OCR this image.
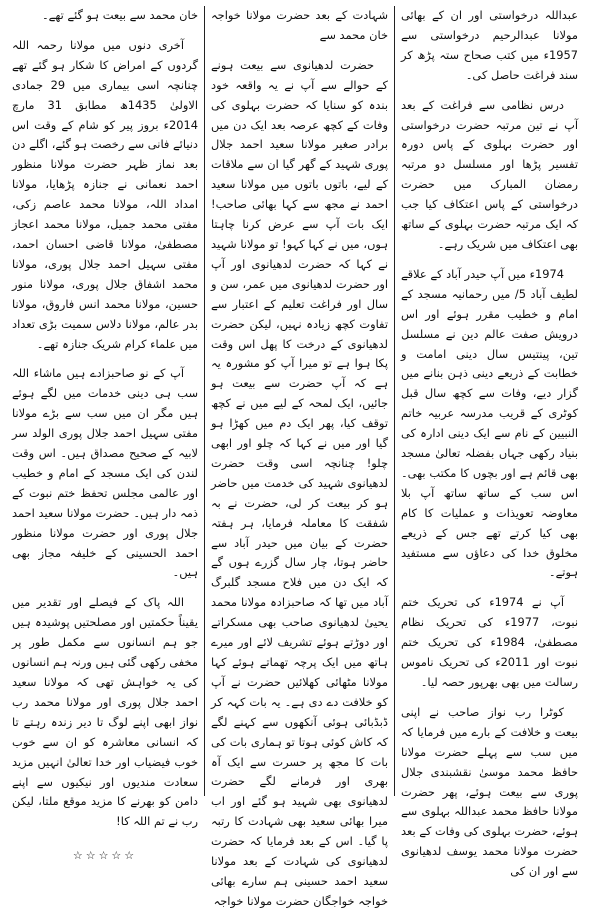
خان محمد سے بیعت ہو گئے تھے۔

آخری دنوں میں مولانا رحمہ اللہ گردوں کے امراض کا شکار ہو گئے تھے چنانچہ اسی بیماری میں 29 جمادی الاولیٰ 1435ھ مطابق 31 مارچ 2014ء بروز پیر کو شام کے وقت اس دنیائے فانی سے رخصت ہو گئے، اگلے دن بعد نماز ظہر حضرت مولانا منظور احمد نعمانی نے جنازہ پڑھایا، مولانا امداد اللہ، مولانا محمد عاصم زکی، مفتی محمد جمیل، مولانا محمد اعجاز مصطفیٰ، مولانا قاضی احسان احمد، مفتی سہیل احمد جلال پوری، مولانا محمد اشفاق جلال پوری، مولانا منور حسین، مولانا محمد انس فاروق، مولانا بدر عالم، مولانا دلاس سمیت بڑی تعداد میں علماء کرام شریک جنازہ تھے۔

آپ کے نو صاحبزادے ہیں ماشاء اللہ سب ہی دینی خدمات میں لگے ہوئے ہیں مگر ان میں سب سے بڑے مولانا مفتی سہیل احمد جلال پوری الولد سر لابیہ کے صحیح مصداق ہیں۔ اس وقت لندن کی ایک مسجد کے امام و خطیب اور عالمی مجلس تحفظ ختم نبوت کے ذمہ دار ہیں۔ حضرت مولانا سعید احمد جلال پوری اور حضرت مولانا منظور احمد الحسینی کے خلیفہ مجاز بھی ہیں۔

اللہ پاک کے فیصلے اور تقدیر میں یقیناً حکمتیں اور مصلحتیں پوشیدہ ہیں جو ہم انسانوں سے مکمل طور پر مخفی رکھی گئی ہیں ورنہ ہم انسانوں کی یہ خواہش تھی کہ مولانا سعید احمد جلال پوری اور مولانا محمد رب نواز ابھی اپنے لوگ تا دیر زندہ رہتے تا کہ انسانی معاشرہ کو ان سے خوب خوب فیضیاب اور خدا تعالیٰ انہیں مزید سعادت مندیوں اور نیکیوں سے اپنے دامن کو بھرنے کا مزید موقع ملتا، لیکن رب نے تم اللہ کا!

☆☆☆☆☆

شہادت کے بعد حضرت مولانا خواجہ خان محمد سے

حضرت لدھیانوی سے بیعت ہونے کے حوالے سے آپ نے یہ واقعہ خود بندہ کو سنایا کہ حضرت بہلوی کی وفات کے کچھ عرصہ بعد ایک دن میں برادر صغیر مولانا سعید احمد جلال پوری شہید کے گھر گیا ان سے ملاقات کے لیے، باتوں باتوں میں مولانا سعید احمد نے مجھ سے کہا بھائی صاحب! ایک بات آپ سے عرض کرنا چاہتا ہوں، میں نے کہا کہو! تو مولانا شہید نے کہا کہ حضرت لدھیانوی اور آپ اور حضرت لدھیانوی میں عمر، سن و سال اور فراغت تعلیم کے اعتبار سے تفاوت کچھ زیادہ نہیں، لیکن حضرت لدھیانوی کے درخت کا پھل اس وقت پکا ہوا ہے تو میرا آپ کو مشورہ یہ ہے کہ آپ حضرت سے بیعت ہو جائیں، ایک لمحہ کے لیے میں نے کچھ توقف کیا، پھر ایک دم میں کھڑا ہو گیا اور میں نے کہا کہ چلو اور ابھی چلو! چنانچہ اسی وقت حضرت لدھیانوی شہید کی خدمت میں حاضر ہو کر بیعت کر لی، حضرت نے بہ شفقت کا معاملہ فرمایا، ہر ہفتہ حضرت کے بیان میں حیدر آباد سے حاضر ہوتا، چار سال گزرے ہوں گے کہ ایک دن میں فلاح مسجد گلبرگ آباد میں تھا کہ صاحبزادہ مولانا محمد یحییٰ لدھیانوی صاحب بھی مسکراتے اور دوڑتے ہوئے تشریف لائے اور میرے ہاتھ میں ایک پرچہ تھماتے ہوئے کہا مولانا مٹھائی کھلائیں حضرت نے آپ کو خلافت دے دی ہے۔ یہ بات کہہ کر ڈبڈبائی ہوئی آنکھوں سے کہنے لگے کہ کاش کوئی ہوتا تو ہماری بات کی بات کا مجھ پر حسرت سے ایک آہ بھری اور فرمانے لگے حضرت لدھیانوی بھی شہید ہو گئے اور اب میرا بھائی سعید بھی شہادت کا رتبہ پا گیا۔ اس کے بعد فرمایا کہ حضرت لدھیانوی کی شہادت کے بعد مولانا سعید احمد حسینی ہم سارے بھائی خواجہ خواجگان حضرت مولانا خواجہ

عبداللہ درخواستی اور ان کے بھائی مولانا عبدالرحیم درخواستی سے 1957ء میں کتب صحاح ستہ پڑھ کر سند فراغت حاصل کی۔

درس نظامی سے فراغت کے بعد آپ نے تین مرتبہ حضرت درخواستی اور حضرت بہلوی کے پاس دورہ تفسیر پڑھا اور مسلسل دو مرتبہ رمضان المبارک میں حضرت درخواستی کے پاس اعتکاف کیا جب کہ ایک مرتبہ حضرت بہلوی کے ساتھ بھی اعتکاف میں شریک رہے۔

1974ء میں آپ حیدر آباد کے علاقے لطیف آباد 5/ میں رحمانیہ مسجد کے امام و خطیب مقرر ہوئے اور اس درویش صفت عالم دین نے مسلسل تین، پینتیس سال دینی امامت و خطابت کے ذریعے دینی ذہن بنانے میں گزار دیے، وفات سے کچھ سال قبل کوٹری کے قریب مدرسہ عربیہ خاتم النبیین کے نام سے ایک دینی ادارہ کی بنیاد رکھی جہاں بفضلہ تعالیٰ مسجد بھی قائم ہے اور بچوں کا مکتب بھی۔ اس سب کے ساتھ ساتھ آپ بلا معاوضہ تعویذات و عملیات کا کام بھی کیا کرتے تھے جس کے ذریعے مخلوق خدا کی دعاؤں سے مستفید ہوتے۔

آپ نے 1974ء کی تحریک ختم نبوت، 1977ء کی تحریک نظام مصطفیٰ، 1984ء کی تحریک ختم نبوت اور 2011ء کی تحریک ناموس رسالت میں بھی بھرپور حصہ لیا۔

کوٹرا رب نواز صاحب نے اپنی بیعت و خلافت کے بارے میں فرمایا کہ میں سب سے پہلے حضرت مولانا حافظ محمد موسیٰ نقشبندی جلال پوری سے بیعت ہوئے، پھر حضرت مولانا حافظ محمد عبداللہ بہلوی سے ہوئے، حضرت بہلوی کی وفات کے بعد حضرت مولانا محمد یوسف لدھیانوی سے اور ان کی
